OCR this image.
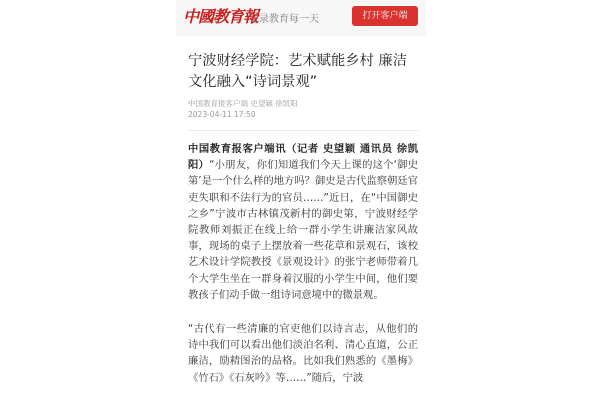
中國教育報
记录教育每一天	打开客户端
宁波财经学院：艺术赋能乡村 廉洁文化融入“诗词景观”
中国教育报客户端 史望颖 徐凯阳
2023-04-11 17:50

中国教育报客户端讯（记者 史望颖 通讯员 徐凯阳）“小朋友，你们知道我们今天上课的这个‘御史第’是一个什么样的地方吗？御史是古代监察朝廷官吏失职和不法行为的官员……”近日，在“中国御史之乡”宁波市古林镇茂新村的御史第，宁波财经学院教师刘振正在线上给一群小学生讲廉洁家风故事，现场的桌子上摆放着一些花草和景观石，该校艺术设计学院教授《景观设计》的张宁老师带着几个大学生坐在一群身着汉服的小学生中间，他们要教孩子们动手做一组诗词意境中的微景观。

“古代有一些清廉的官吏他们以诗言志，从他们的诗中我们可以看出他们淡泊名利、清心直道，公正廉洁，励精图治的品格。比如我们熟悉的《墨梅》《竹石》《石灰吟》等……”随后，宁波
